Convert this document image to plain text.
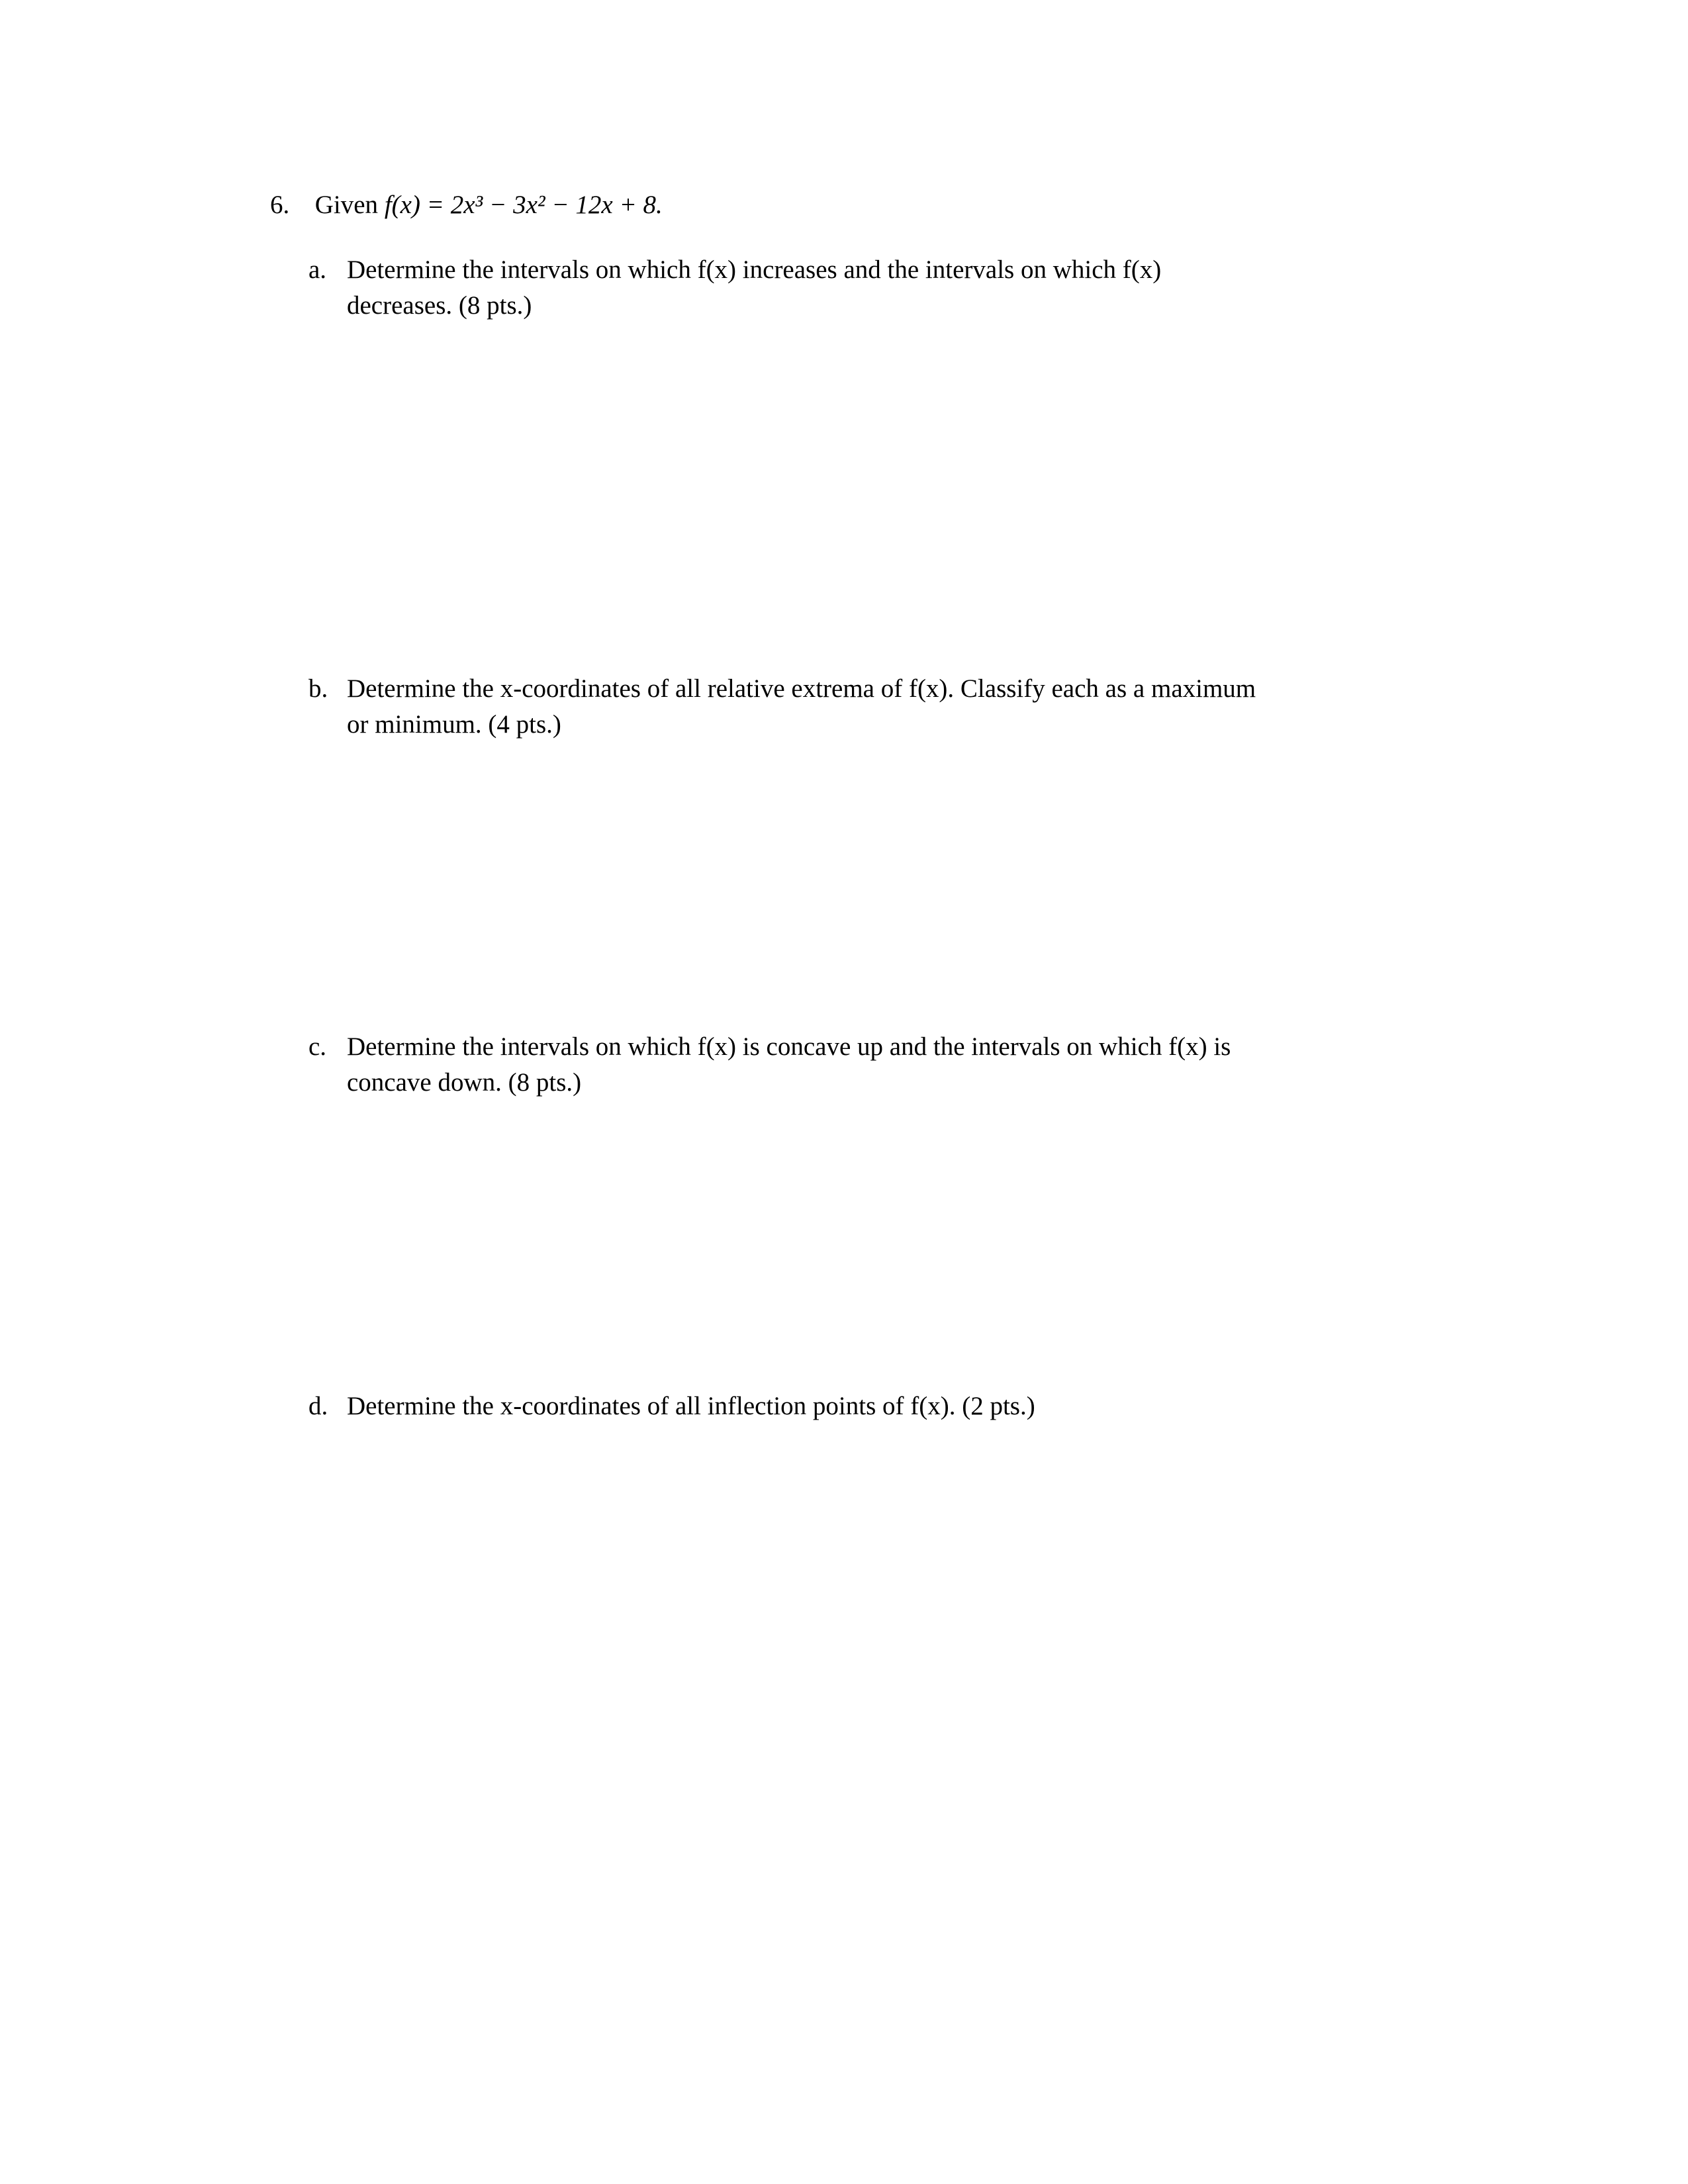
6. Given f(x) = 2x³ − 3x² − 12x + 8.
a. Determine the intervals on which f(x) increases and the intervals on which f(x)
decreases. (8 pts.)
b. Determine the x-coordinates of all relative extrema of f(x). Classify each as a maximum
or minimum. (4 pts.)
c. Determine the intervals on which f(x) is concave up and the intervals on which f(x) is
concave down. (8 pts.)
d. Determine the x-coordinates of all inflection points of f(x). (2 pts.)
